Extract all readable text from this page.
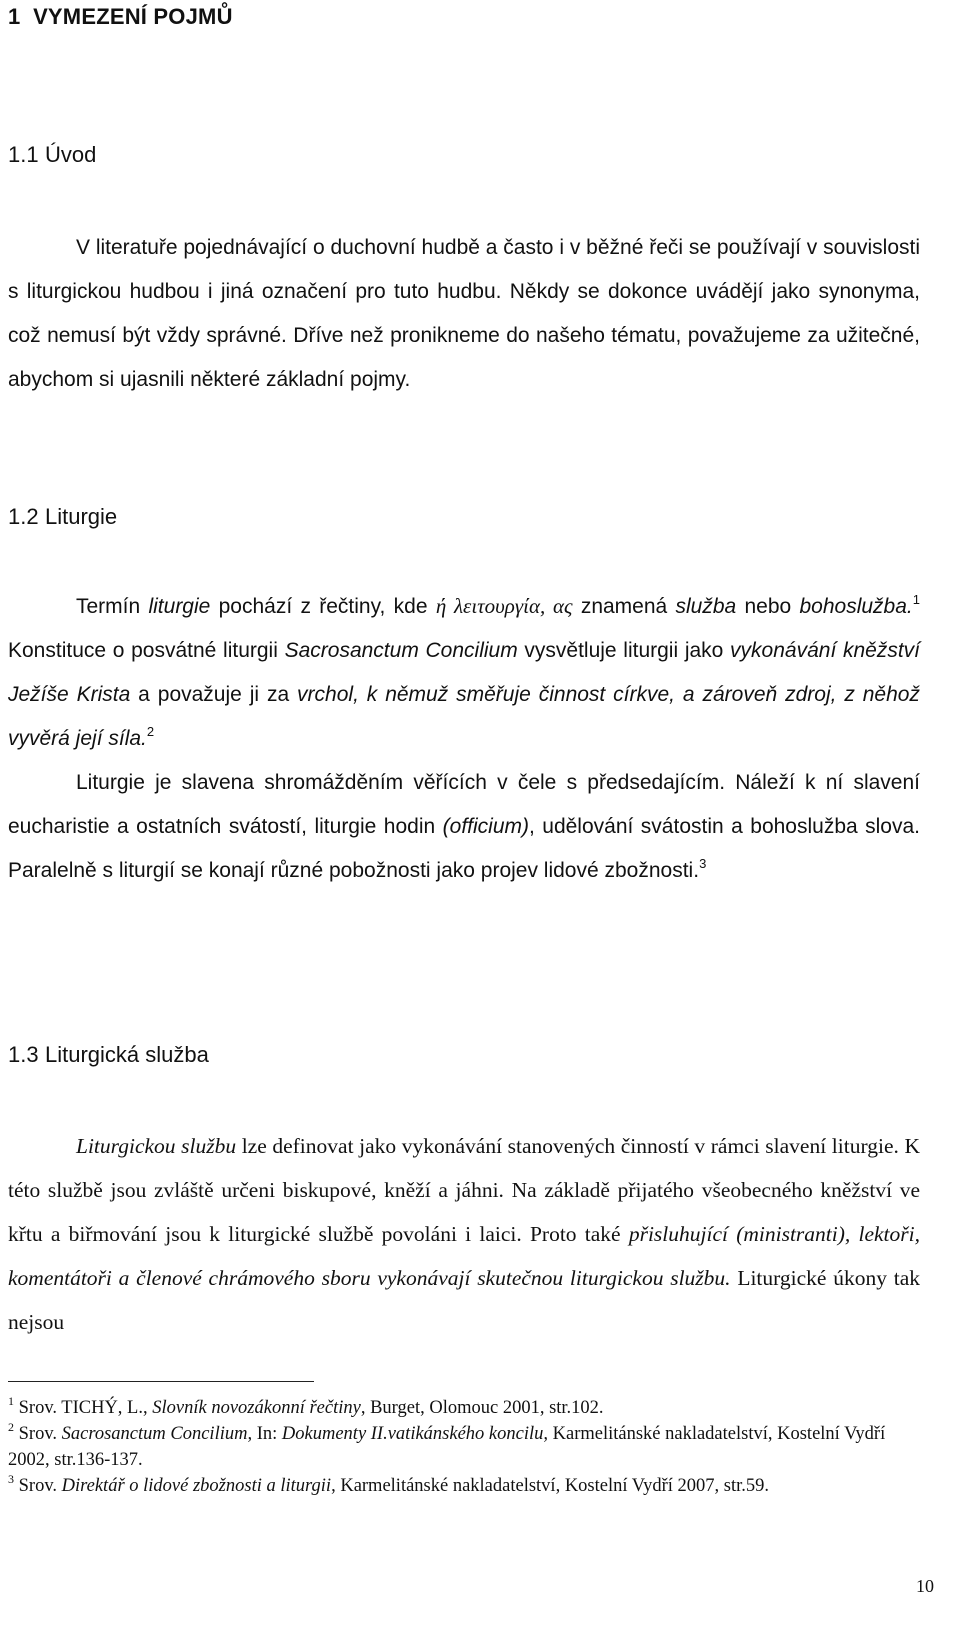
1 VYMEZENÍ POJMŮ
1.1 Úvod

V literatuře pojednávající o duchovní hudbě a často i v běžné řeči se používají v souvislosti s liturgickou hudbou i jiná označení pro tuto hudbu. Někdy se dokonce uvádějí jako synonyma, což nemusí být vždy správné. Dříve než pronikneme do našeho tématu, považujeme za užitečné, abychom si ujasnili některé základní pojmy.

1.2 Liturgie

Termín liturgie pochází z řečtiny, kde ή λειτουργία, ας znamená služba nebo bohoslužba.$^1$ Konstituce o posvátné liturgii Sacrosanctum Concilium vysvětluje liturgii jako vykonávání kněžství Ježíše Krista a považuje ji za vrchol, k němuž směřuje činnost církve, a zároveň zdroj, z něhož vyvěrá její síla.$^2$

Liturgie je slavena shromážděním věřících v čele s předsedajícím. Náleží k ní slavení eucharistie a ostatních svátostí, liturgie hodin (officium), udělování svátostin a bohoslužba slova. Paralelně s liturgií se konají různé pobožnosti jako projev lidové zbožnosti.$^3$

1.3 Liturgická služba

Liturgickou službu lze definovat jako vykonávání stanovených činností v rámci slavení liturgie. K této službě jsou zvláště určeni biskupové, kněží a jáhni. Na základě přijatého všeobecného kněžství ve křtu a biřmování jsou k liturgické službě povoláni i laici. Proto také přisluhující (ministranti), lektoři, komentátoři a členové chrámového sboru vykonávají skutečnou liturgickou službu. Liturgické úkony tak nejsou

$^1$ Srov. TICHÝ, L., Slovník novozákonní řečtiny, Burget, Olomouc 2001, str.102.

$^2$ Srov. Sacrosanctum Concilium, In: Dokumenty II.vatikánského koncilu, Karmelitánské nakladatelství, Kostelní Vydří 2002, str.136-137.

$^3$ Srov. Direktář o lidové zbožnosti a liturgii, Karmelitánské nakladatelství, Kostelní Vydří 2007, str.59.

10
